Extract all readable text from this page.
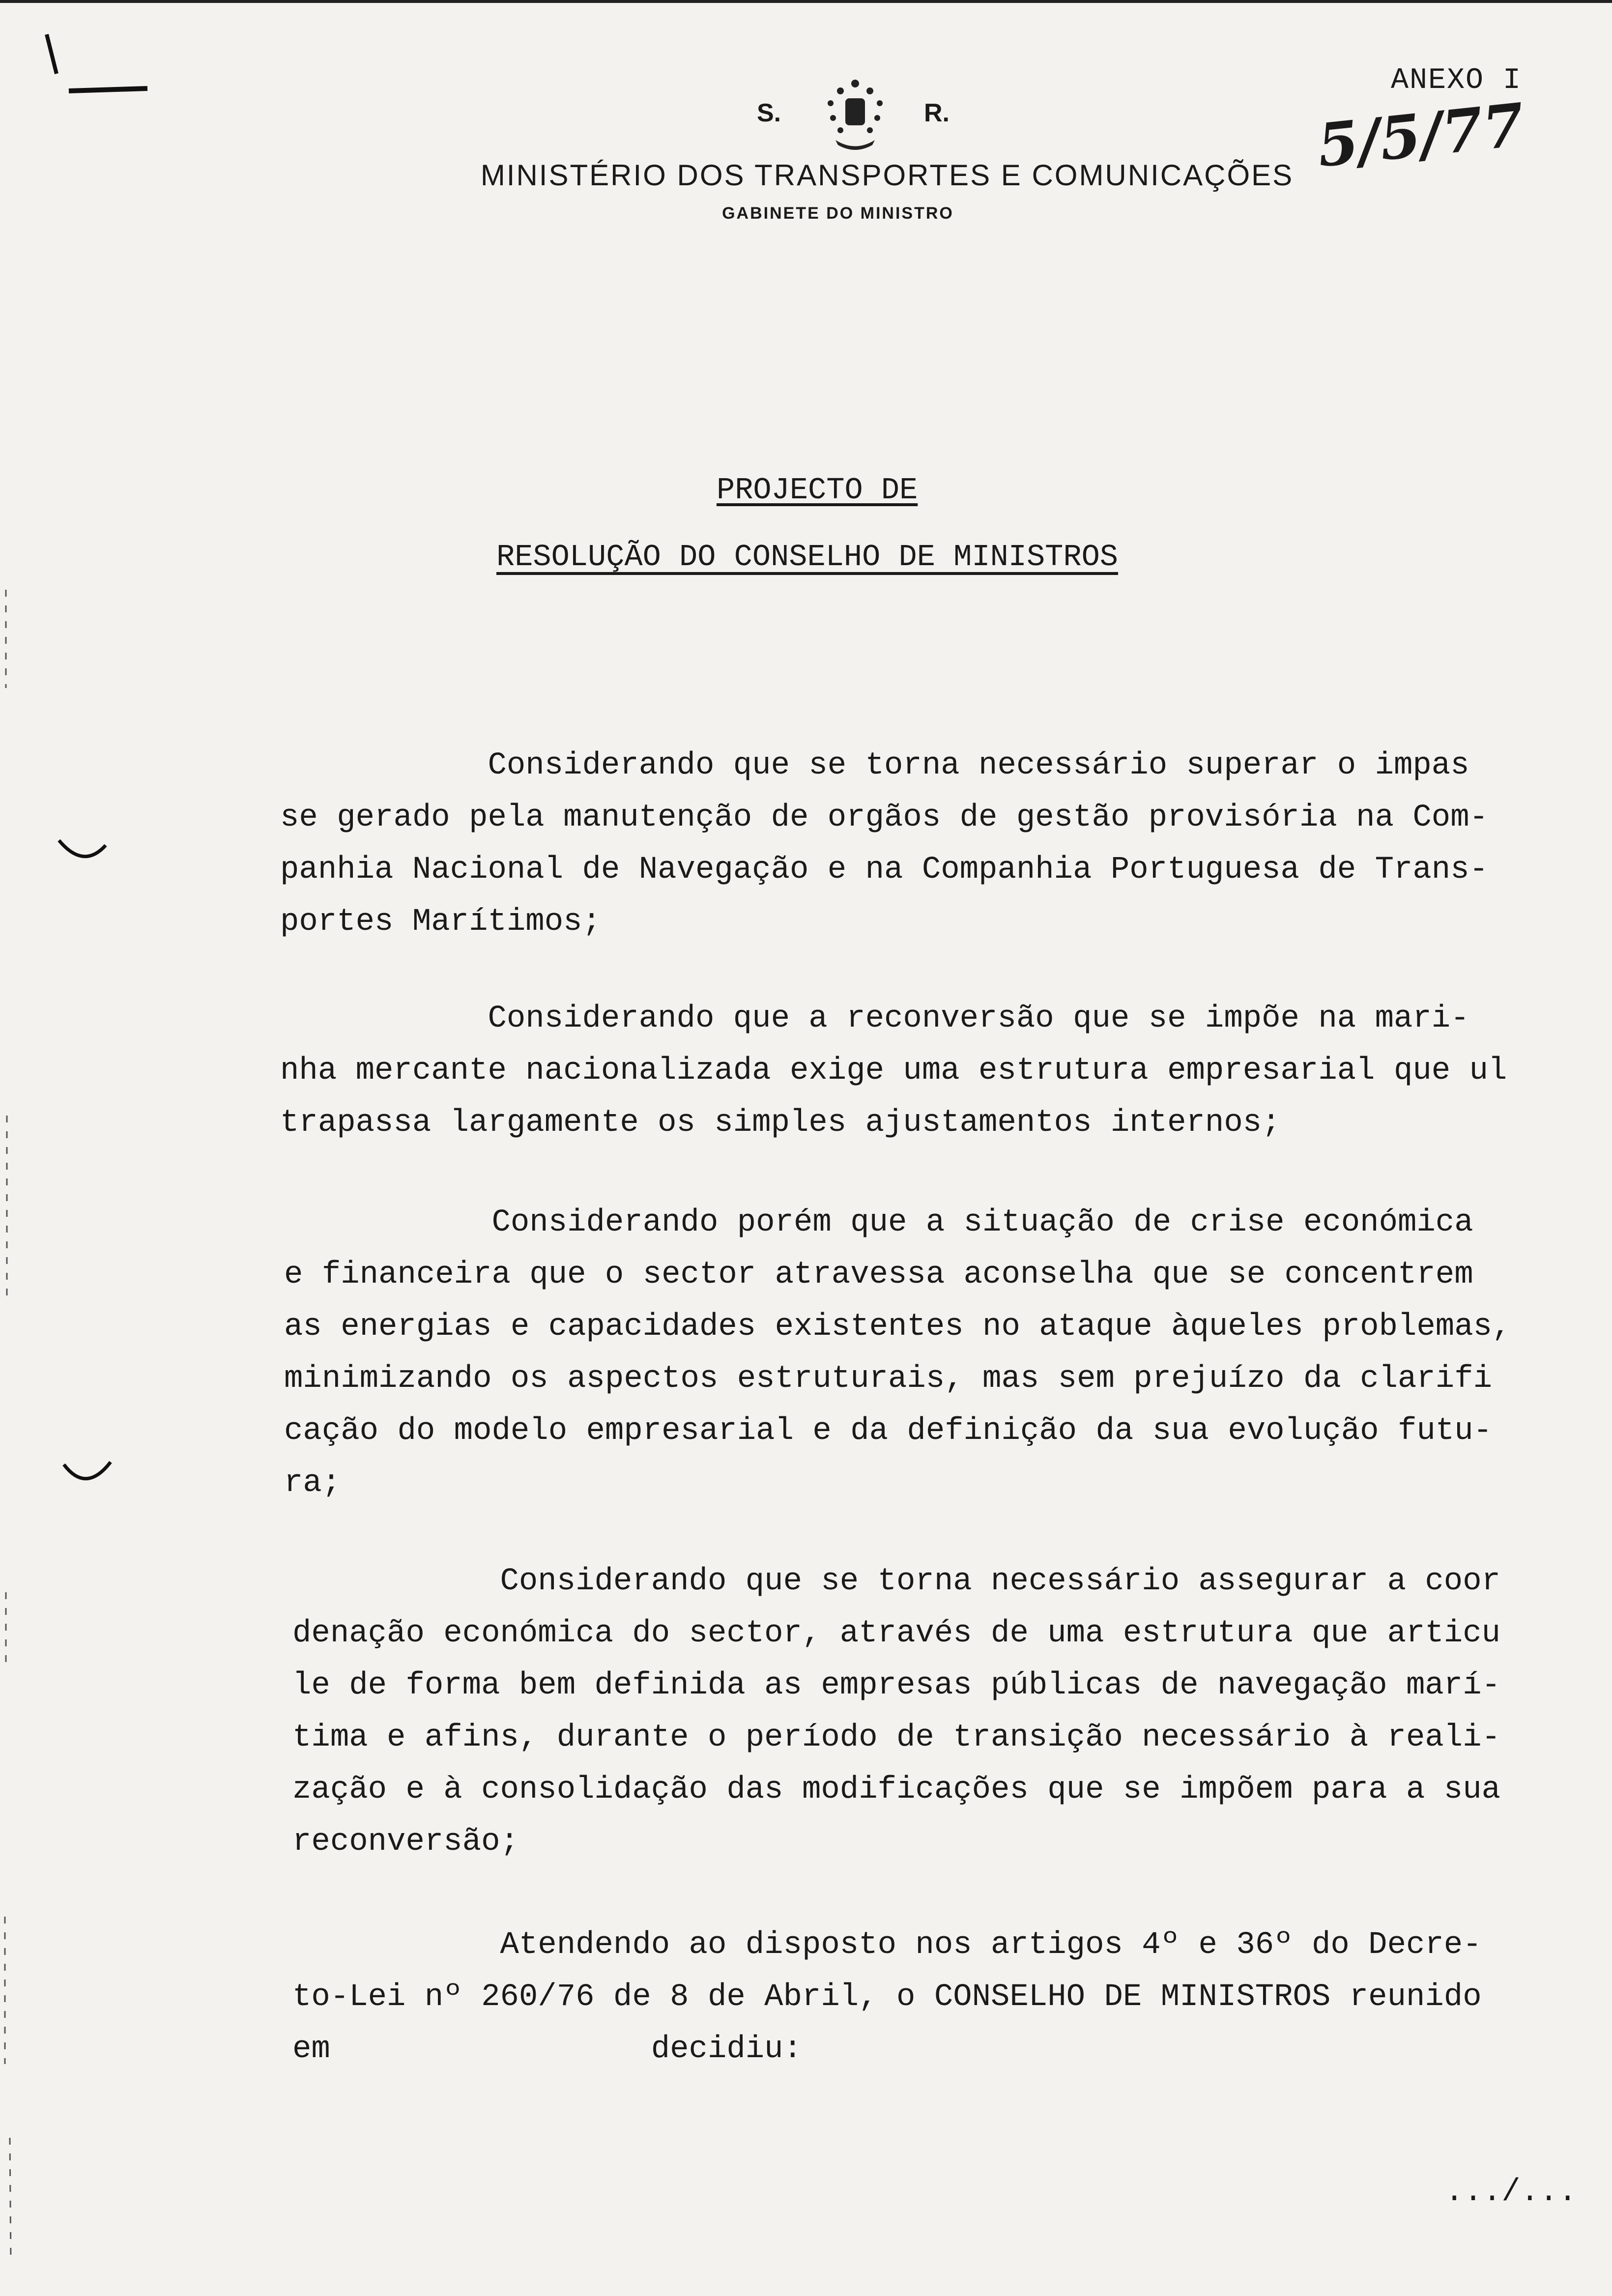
ANEXO I
5/5/77
S.	R.
MINISTÉRIO DOS TRANSPORTES E COMUNICAÇÕES
GABINETE DO MINISTRO
PROJECTO DE
RESOLUÇÃO DO CONSELHO DE MINISTROS
Considerando que se torna necessário superar o impas
se gerado pela manutenção de orgãos de gestão provisória na Com-
panhia Nacional de Navegação e na Companhia Portuguesa de Trans-
portes Marítimos;
Considerando que a reconversão que se impõe na mari-
nha mercante nacionalizada exige uma estrutura empresarial que ul
trapassa largamente os simples ajustamentos internos;
Considerando porém que a situação de crise económica
e financeira que o sector atravessa aconselha que se concentrem
as energias e capacidades existentes no ataque àqueles problemas,
minimizando os aspectos estruturais, mas sem prejuízo da clarifi
cação do modelo empresarial e da definição da sua evolução futu-
ra;
Considerando que se torna necessário assegurar a coor
denação económica do sector, através de uma estrutura que articu
le de forma bem definida as empresas públicas de navegação marí-
tima e afins, durante o período de transição necessário à reali-
zação e à consolidação das modificações que se impõem para a sua
reconversão;
Atendendo ao disposto nos artigos 4º e 36º do Decre-
to-Lei nº 260/76 de 8 de Abril, o CONSELHO DE MINISTROS reunido
em                 decidiu:
.../...
